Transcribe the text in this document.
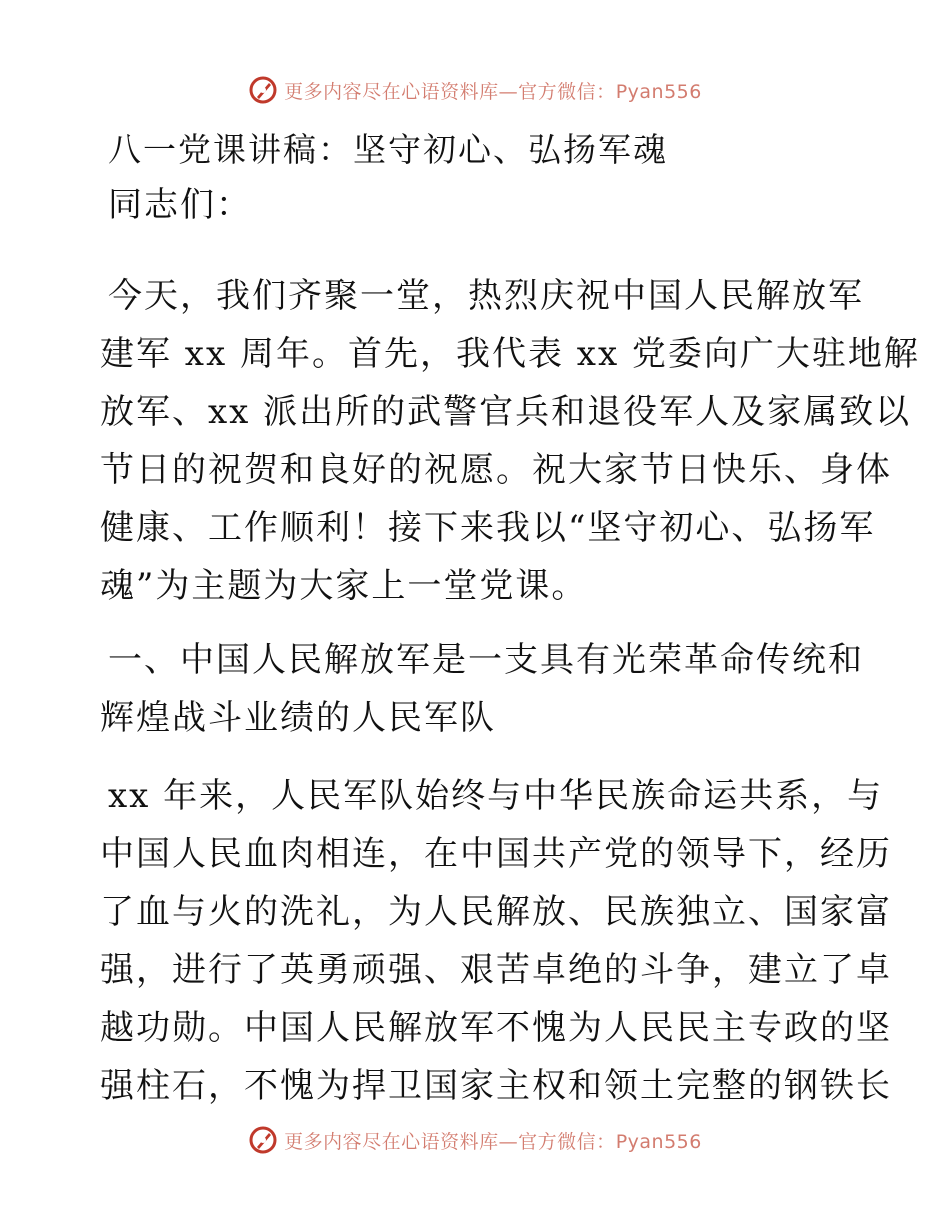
更多内容尽在心语资料库—官方微信：Pyan556
八一党课讲稿：坚守初心、弘扬军魂
同志们：
今天，我们齐聚一堂，热烈庆祝中国人民解放军
建军 xx 周年。首先，我代表 xx 党委向广大驻地解
放军、xx 派出所的武警官兵和退役军人及家属致以
节日的祝贺和良好的祝愿。祝大家节日快乐、身体
健康、工作顺利！接下来我以“坚守初心、弘扬军
魂”为主题为大家上一堂党课。
一、中国人民解放军是一支具有光荣革命传统和
辉煌战斗业绩的人民军队
xx 年来，人民军队始终与中华民族命运共系，与
中国人民血肉相连，在中国共产党的领导下，经历
了血与火的洗礼，为人民解放、民族独立、国家富
强，进行了英勇顽强、艰苦卓绝的斗争，建立了卓
越功勋。中国人民解放军不愧为人民民主专政的坚
强柱石，不愧为捍卫国家主权和领土完整的钢铁长
更多内容尽在心语资料库—官方微信：Pyan556
